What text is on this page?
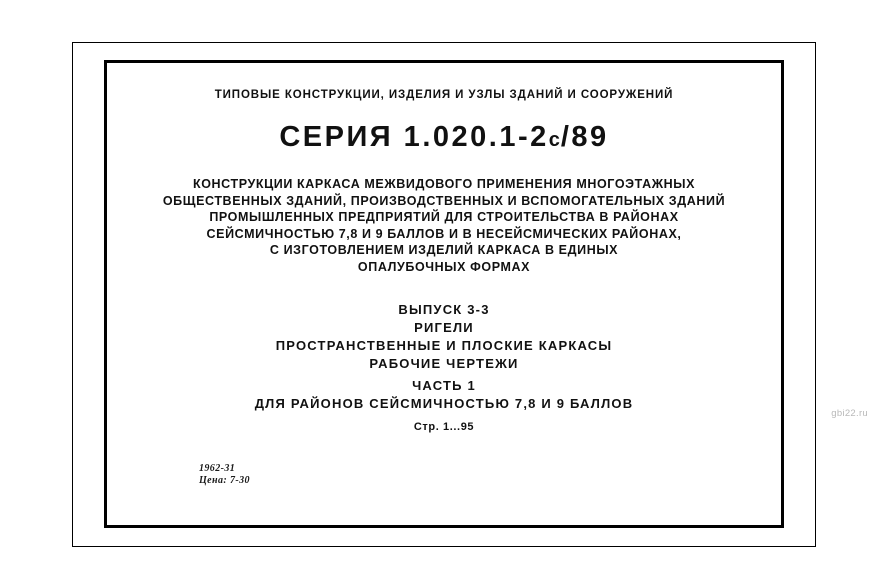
ТИПОВЫЕ КОНСТРУКЦИИ, ИЗДЕЛИЯ И УЗЛЫ ЗДАНИЙ И СООРУЖЕНИЙ
СЕРИЯ 1.020.1-2с/89
КОНСТРУКЦИИ КАРКАСА МЕЖВИДОВОГО ПРИМЕНЕНИЯ МНОГОЭТАЖНЫХ
ОБЩЕСТВЕННЫХ ЗДАНИЙ, ПРОИЗВОДСТВЕННЫХ И ВСПОМОГАТЕЛЬНЫХ ЗДАНИЙ
ПРОМЫШЛЕННЫХ ПРЕДПРИЯТИЙ ДЛЯ СТРОИТЕЛЬСТВА В РАЙОНАХ
СЕЙСМИЧНОСТЬЮ 7,8 И 9 БАЛЛОВ И В НЕСЕЙСМИЧЕСКИХ РАЙОНАХ,
С ИЗГОТОВЛЕНИЕМ ИЗДЕЛИЙ КАРКАСА В ЕДИНЫХ
ОПАЛУБОЧНЫХ ФОРМАХ
ВЫПУСК 3-3
РИГЕЛИ
ПРОСТРАНСТВЕННЫЕ И ПЛОСКИЕ КАРКАСЫ
РАБОЧИЕ ЧЕРТЕЖИ
ЧАСТЬ 1
ДЛЯ РАЙОНОВ СЕЙСМИЧНОСТЬЮ 7,8 И 9 БАЛЛОВ
Стр. 1...95
1962-31
Цена: 7-30
gbi22.ru
